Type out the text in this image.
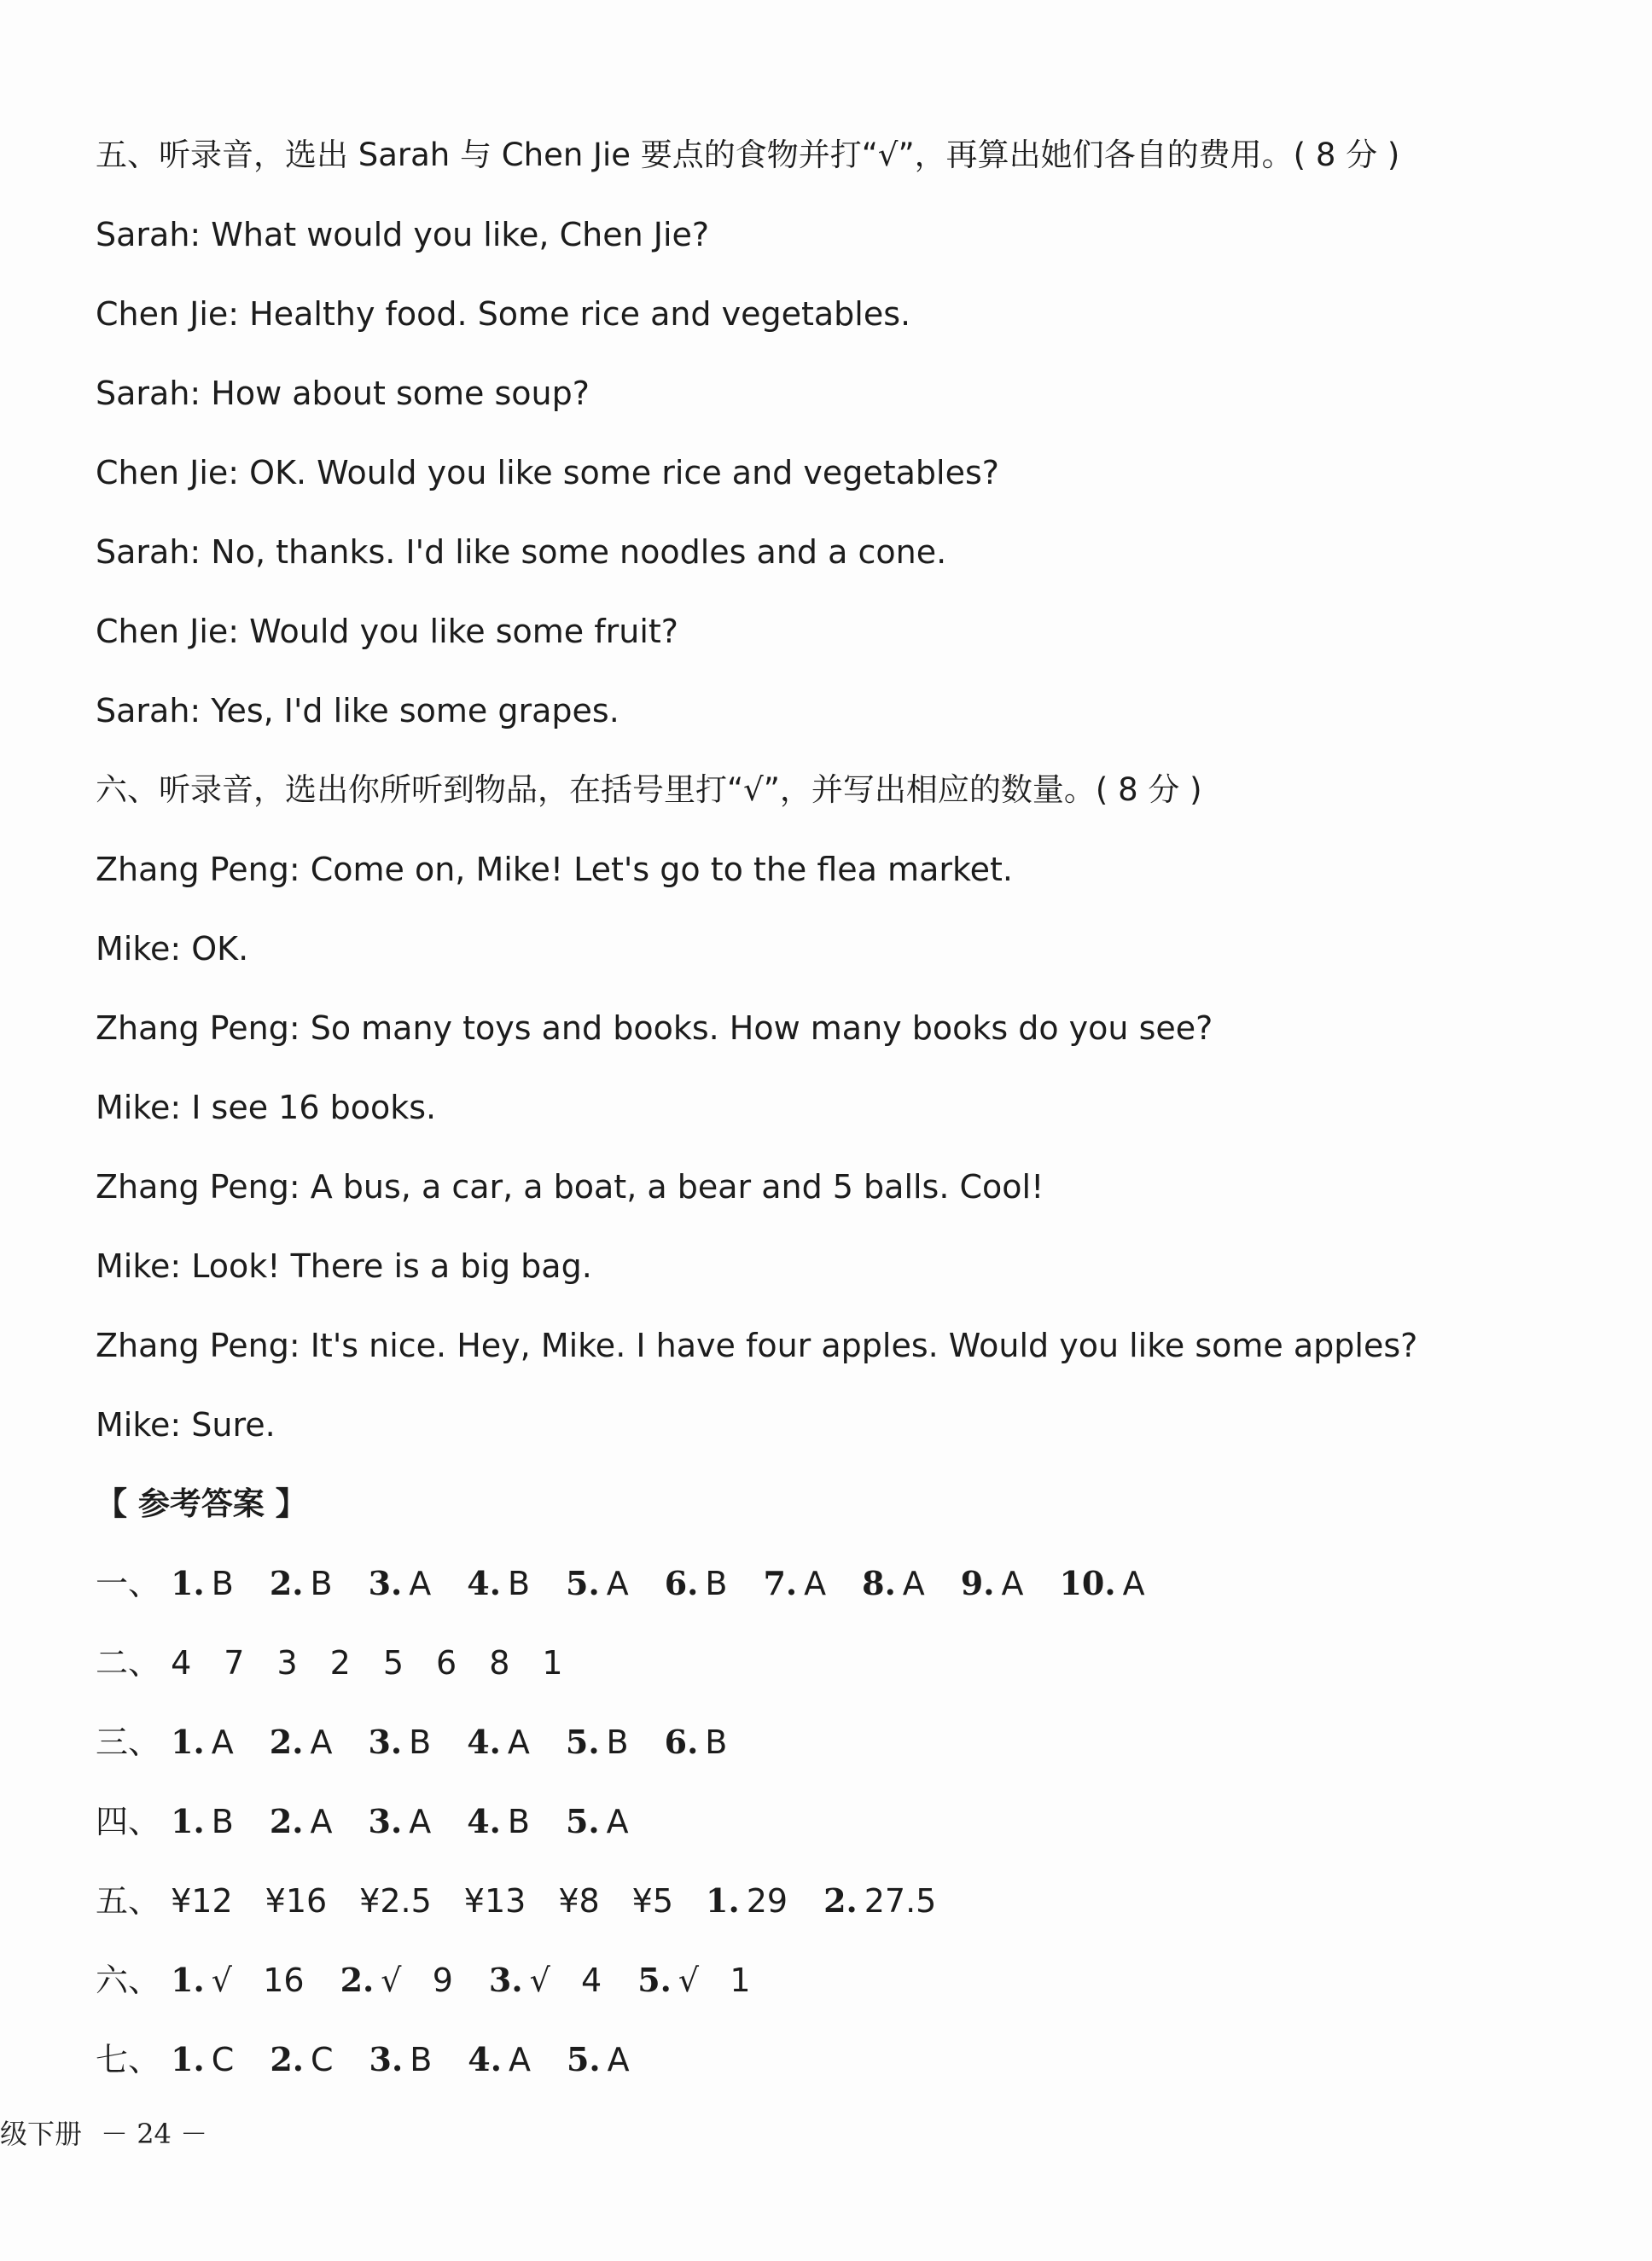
五、听录音，选出 Sarah 与 Chen Jie 要点的食物并打“√”，再算出她们各自的费用。( 8 分 )
Sarah: What would you like, Chen Jie?
Chen Jie: Healthy food. Some rice and vegetables.
Sarah: How about some soup?
Chen Jie: OK. Would you like some rice and vegetables?
Sarah: No, thanks. I'd like some noodles and a cone.
Chen Jie: Would you like some fruit?
Sarah: Yes, I'd like some grapes.
六、听录音，选出你所听到物品，在括号里打“√”，并写出相应的数量。( 8 分 )
Zhang Peng: Come on, Mike! Let's go to the flea market.
Mike: OK.
Zhang Peng: So many toys and books. How many books do you see?
Mike: I see 16 books.
Zhang Peng: A bus, a car, a boat, a bear and 5 balls. Cool!
Mike: Look! There is a big bag.
Zhang Peng: It's nice. Hey, Mike. I have four apples. Would you like some apples?
Mike: Sure.
【 参考答案 】
一、 1. B 2. B 3. A 4. B 5. A 6. B 7. A 8. A 9. A 10. A
二、 4 7 3 2 5 6 8 1
三、 1. A 2. A 3. B 4. A 5. B 6. B
四、 1. B 2. A 3. A 4. B 5. A
五、 ¥12 ¥16 ¥2.5 ¥13 ¥8 ¥5 1. 29 2. 27.5
六、 1. √   16 2. √   9 3. √   4 5. √   1
七、 1. C 2. C 3. B 4. A 5. A
级下册 － 24 －
